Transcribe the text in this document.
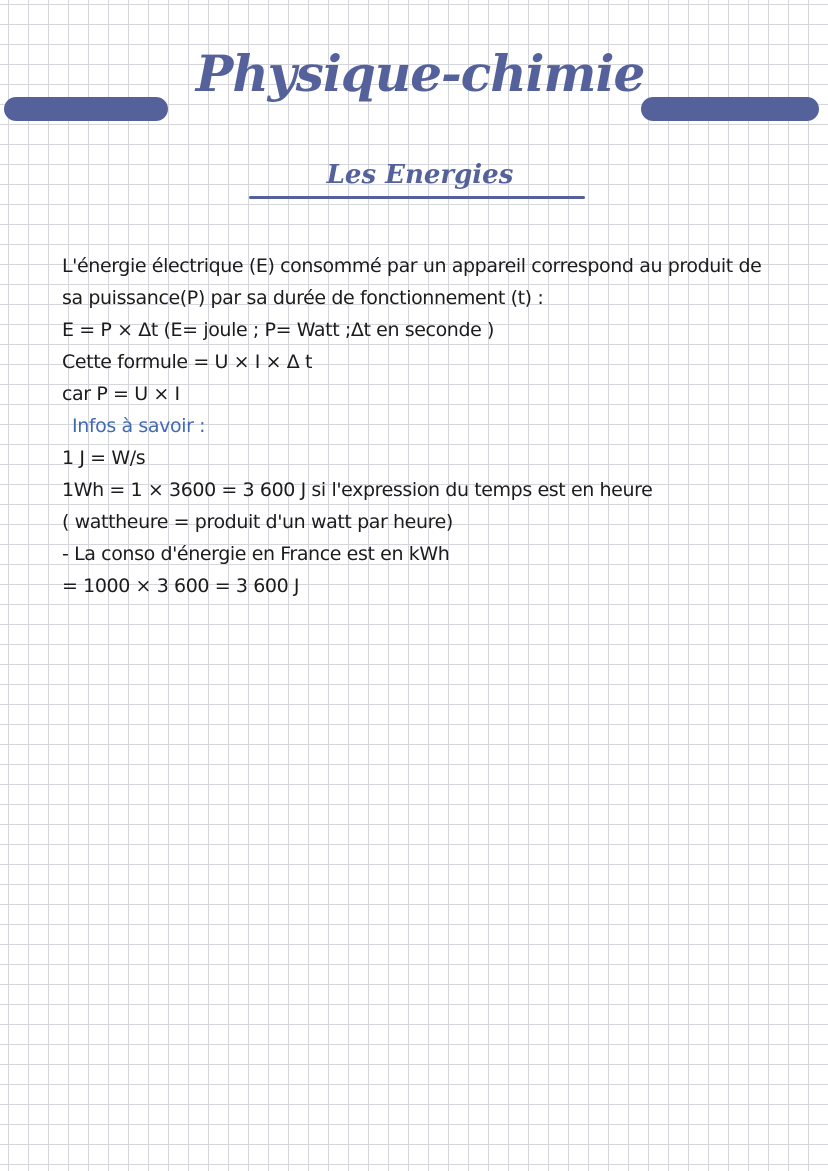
Physique-chimie
Les Energies
L'énergie électrique (E) consommé par un appareil correspond au produit de
sa puissance(P) par sa durée de fonctionnement (t) :
E = P × Δt (E= joule ; P= Watt ;Δt en seconde )
Cette formule = U × I × Δ t
car P = U × I
Infos à savoir :
1 J = W/s
1Wh = 1 × 3600 = 3 600 J si l'expression du temps est en heure
( wattheure = produit d'un watt par heure)
- La conso d'énergie en France est en kWh
= 1000 × 3 600 = 3 600 J
